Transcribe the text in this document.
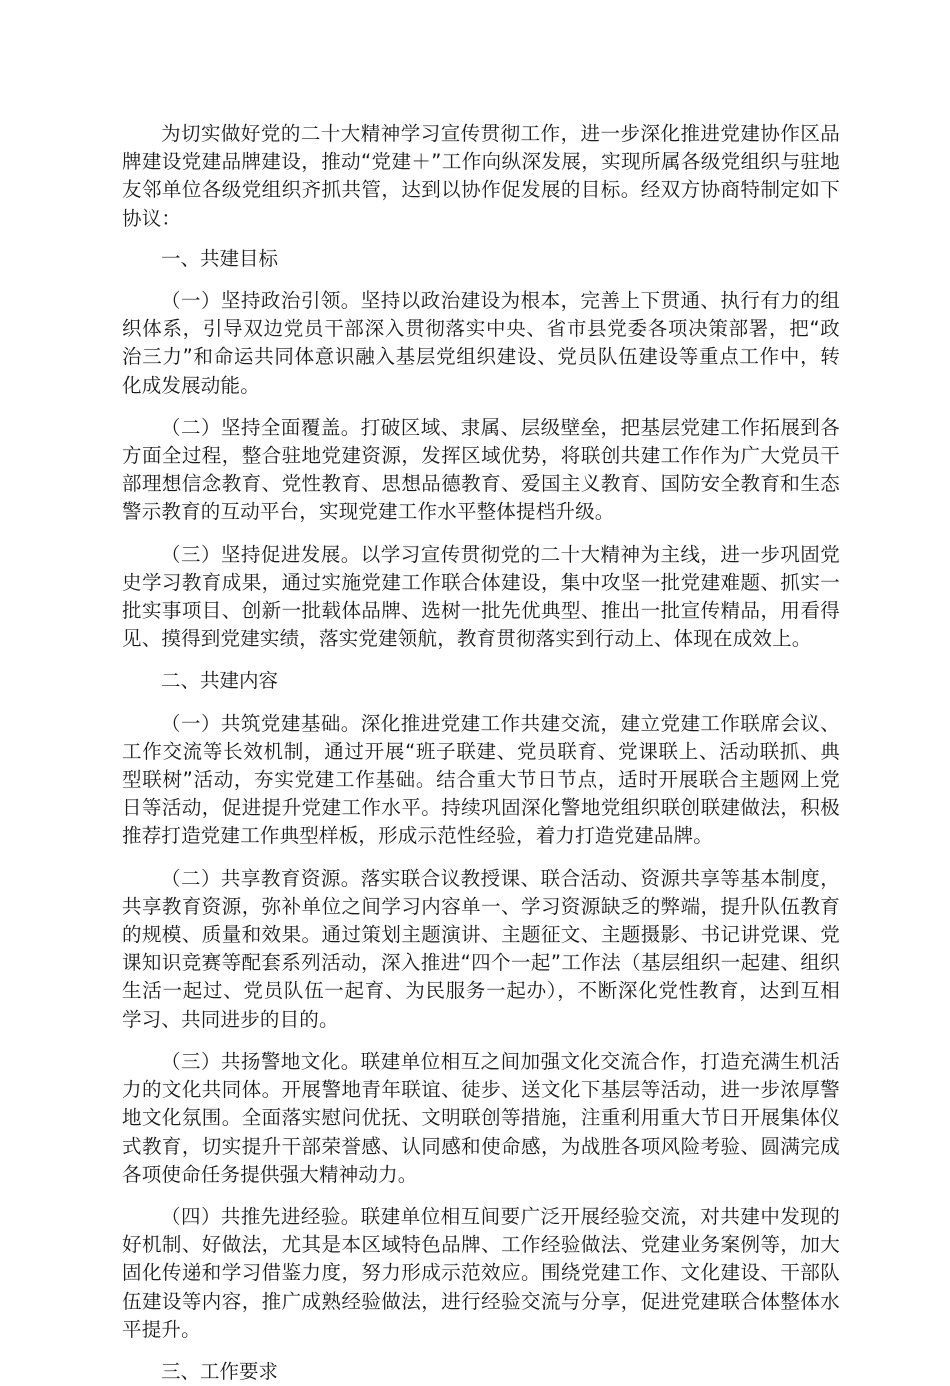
为切实做好党的二十大精神学习宣传贯彻工作，进一步深化推进党建协作区品牌建设党建品牌建设，推动“党建＋”工作向纵深发展，实现所属各级党组织与驻地友邻单位各级党组织齐抓共管，达到以协作促发展的目标。经双方协商特制定如下协议：

一、共建目标

（一）坚持政治引领。坚持以政治建设为根本，完善上下贯通、执行有力的组织体系，引导双边党员干部深入贯彻落实中央、省市县党委各项决策部署，把“政治三力”和命运共同体意识融入基层党组织建设、党员队伍建设等重点工作中，转化成发展动能。

（二）坚持全面覆盖。打破区域、隶属、层级壁垒，把基层党建工作拓展到各方面全过程，整合驻地党建资源，发挥区域优势，将联创共建工作作为广大党员干部理想信念教育、党性教育、思想品德教育、爱国主义教育、国防安全教育和生态警示教育的互动平台，实现党建工作水平整体提档升级。

（三）坚持促进发展。以学习宣传贯彻党的二十大精神为主线，进一步巩固党史学习教育成果，通过实施党建工作联合体建设，集中攻坚一批党建难题、抓实一批实事项目、创新一批载体品牌、选树一批先优典型、推出一批宣传精品，用看得见、摸得到党建实绩，落实党建领航，教育贯彻落实到行动上、体现在成效上。

二、共建内容

（一）共筑党建基础。深化推进党建工作共建交流，建立党建工作联席会议、工作交流等长效机制，通过开展“班子联建、党员联育、党课联上、活动联抓、典型联树”活动，夯实党建工作基础。结合重大节日节点，适时开展联合主题网上党日等活动，促进提升党建工作水平。持续巩固深化警地党组织联创联建做法，积极推荐打造党建工作典型样板，形成示范性经验，着力打造党建品牌。

（二）共享教育资源。落实联合议教授课、联合活动、资源共享等基本制度，共享教育资源，弥补单位之间学习内容单一、学习资源缺乏的弊端，提升队伍教育的规模、质量和效果。通过策划主题演讲、主题征文、主题摄影、书记讲党课、党课知识竞赛等配套系列活动，深入推进“四个一起”工作法（基层组织一起建、组织生活一起过、党员队伍一起育、为民服务一起办），不断深化党性教育，达到互相学习、共同进步的目的。

（三）共扬警地文化。联建单位相互之间加强文化交流合作，打造充满生机活力的文化共同体。开展警地青年联谊、徒步、送文化下基层等活动，进一步浓厚警地文化氛围。全面落实慰问优抚、文明联创等措施，注重利用重大节日开展集体仪式教育，切实提升干部荣誉感、认同感和使命感，为战胜各项风险考验、圆满完成各项使命任务提供强大精神动力。

（四）共推先进经验。联建单位相互间要广泛开展经验交流，对共建中发现的好机制、好做法，尤其是本区域特色品牌、工作经验做法、党建业务案例等，加大固化传递和学习借鉴力度，努力形成示范效应。围绕党建工作、文化建设、干部队伍建设等内容，推广成熟经验做法，进行经验交流与分享，促进党建联合体整体水平提升。

三、工作要求
